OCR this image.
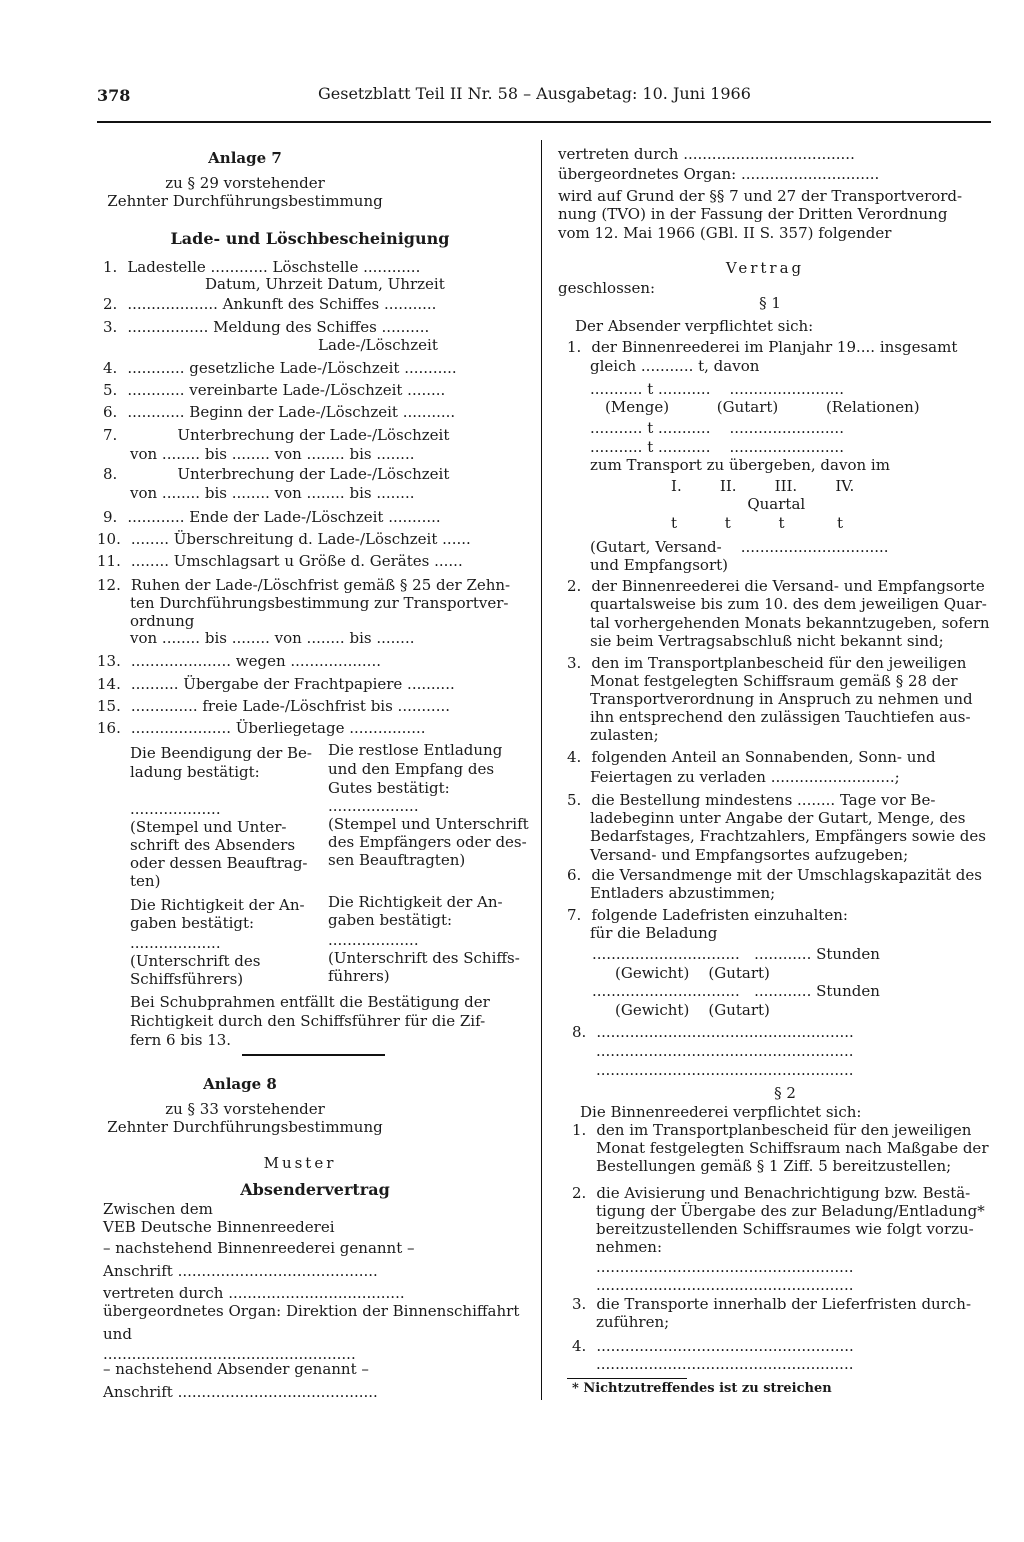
378	Gesetzblatt Teil II Nr. 58 – Ausgabetag: 10. Juni 1966
Anlage 7
zu § 29 vorstehender
Zehnter Durchführungsbestimmung
Lade- und Löschbescheinigung
1. Ladestelle ............ Löschstelle ............
Datum, Uhrzeit Datum, Uhrzeit
2. ................... Ankunft des Schiffes ...........
3. ................. Meldung des Schiffes ..........
Lade-/Löschzeit
4. ............ gesetzliche Lade-/Löschzeit ...........
5. ............ vereinbarte Lade-/Löschzeit ........
6. ............ Beginn der Lade-/Löschzeit ...........
7.	Unterbrechung der Lade-/Löschzeit
von ........ bis ........ von ........ bis ........
8.	Unterbrechung der Lade-/Löschzeit
von ........ bis ........ von ........ bis ........
9. ............ Ende der Lade-/Löschzeit ...........
10. ........ Überschreitung d. Lade-/Löschzeit ......
11. ........ Umschlagsart u Größe d. Gerätes ......
12. Ruhen der Lade-/Löschfrist gemäß § 25 der Zehn-
ten Durchführungsbestimmung zur Transportver-
ordnung
von ........ bis ........ von ........ bis ........
13. ..................... wegen ...................
14. .......... Übergabe der Frachtpapiere ..........
15. .............. freie Lade-/Löschfrist bis ...........
16. ..................... Überliegetage ................
Die Beendigung der Be-
ladung bestätigt:
...................
(Stempel und Unter-
schrift des Absenders
oder dessen Beauftrag-
ten)
Die Richtigkeit der An-
gaben bestätigt:
...................
(Unterschrift des
Schiffsführers)
Die restlose Entladung
und den Empfang des
Gutes bestätigt:
...................
(Stempel und Unterschrift
des Empfängers oder des-
sen Beauftragten)
Die Richtigkeit der An-
gaben bestätigt:
...................
(Unterschrift des Schiffs-
führers)
Bei Schubprahmen entfällt die Bestätigung der
Richtigkeit durch den Schiffsführer für die Zif-
fern 6 bis 13.
Anlage 8
zu § 33 vorstehender
Zehnter Durchführungsbestimmung
Muster
Absendervertrag
Zwischen dem
VEB Deutsche Binnenreederei
– nachstehend Binnenreederei genannt –
Anschrift ..........................................
vertreten durch .....................................
übergeordnetes Organ: Direktion der Binnenschiffahrt
und
.....................................................
– nachstehend Absender genannt –
Anschrift ..........................................
vertreten durch ....................................
übergeordnetes Organ: .............................
wird auf Grund der §§ 7 und 27 der Transportverord-
nung (TVO) in der Fassung der Dritten Verordnung
vom 12. Mai 1966 (GBl. II S. 357) folgender
Vertrag
geschlossen:
§ 1
Der Absender verpflichtet sich:
1. der Binnenreederei im Planjahr 19.... insgesamt
gleich ........... t, davon
........... t ...........    ........................
(Menge)          (Gutart)          (Relationen)
........... t ...........    ........................
........... t ...........    ........................
zum Transport zu übergeben, davon im
I.        II.        III.        IV.
Quartal
t          t          t           t
(Gutart, Versand-    ...............................
und Empfangsort)
2. der Binnenreederei die Versand- und Empfangsorte
quartalsweise bis zum 10. des dem jeweiligen Quar-
tal vorhergehenden Monats bekanntzugeben, sofern
sie beim Vertragsabschluß nicht bekannt sind;
3. den im Transportplanbescheid für den jeweiligen
Monat festgelegten Schiffsraum gemäß § 28 der
Transportverordnung in Anspruch zu nehmen und
ihn entsprechend den zulässigen Tauchtiefen aus-
zulasten;
4. folgenden Anteil an Sonnabenden, Sonn- und
Feiertagen zu verladen ..........................;
5. die Bestellung mindestens ........ Tage vor Be-
ladebeginn unter Angabe der Gutart, Menge, des
Bedarfstages, Frachtzahlers, Empfängers sowie des
Versand- und Empfangsortes aufzugeben;
6. die Versandmenge mit der Umschlagskapazität des
Entladers abzustimmen;
7. folgende Ladefristen einzuhalten:
für die Beladung
...............................   ............ Stunden
(Gewicht)    (Gutart)
...............................   ............ Stunden
(Gewicht)    (Gutart)
8. ......................................................
......................................................
......................................................
§ 2
Die Binnenreederei verpflichtet sich:
1. den im Transportplanbescheid für den jeweiligen
Monat festgelegten Schiffsraum nach Maßgabe der
Bestellungen gemäß § 1 Ziff. 5 bereitzustellen;
2. die Avisierung und Benachrichtigung bzw. Bestä-
tigung der Übergabe des zur Beladung/Entladung*
bereitzustellenden Schiffsraumes wie folgt vorzu-
nehmen:
......................................................
......................................................
3. die Transporte innerhalb der Lieferfristen durch-
zuführen;
4. ......................................................
......................................................
* Nichtzutreffendes ist zu streichen
